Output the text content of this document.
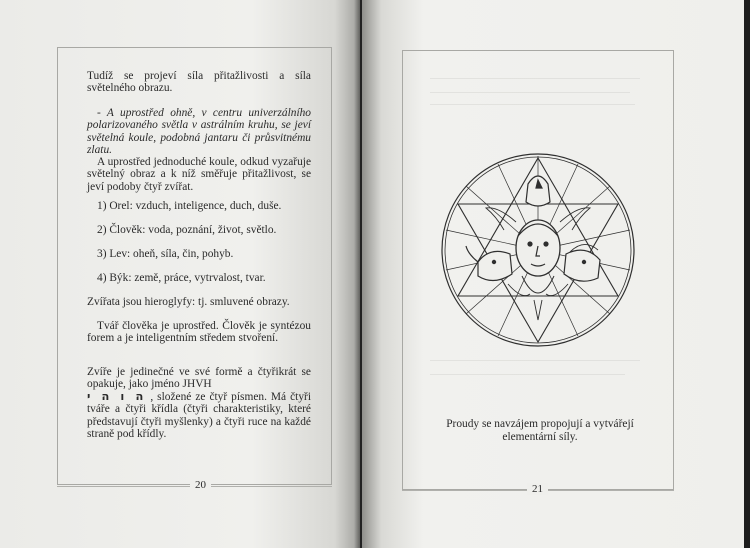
Tudíž se projeví síla přitažlivosti a síla světelného obrazu.

- A uprostřed ohně, v centru univerzálního polarizovaného světla v astrálním kruhu, se jeví světelná koule, podobná jantaru či průsvitnému zlatu.

A uprostřed jednoduché koule, odkud vyzařuje světelný obraz a k níž směřuje přitažlivost, se jeví podoby čtyř zvířat.

1) Orel: vzduch, inteligence, duch, duše.

2) Člověk: voda, poznání, život, světlo.

3) Lev: oheň, síla, čin, pohyb.

4) Býk: země, práce, vytrvalost, tvar.

Zvířata jsou hieroglyfy: tj. smluvené obrazy.

Tvář člověka je uprostřed. Člověk je syntézou forem a je inteligentním středem stvoření.

Zvíře je jedinečné ve své formě a čtyřikrát se opakuje, jako jméno JHVH

ה ו ה י , složené ze čtyř písmen. Má čtyři tváře a čtyři křídla (čtyři charakteristiky, které představují čtyři myšlenky) a čtyři ruce na každé straně pod křídly.

20
Proudy se navzájem propojují a vytvářejí elementární síly.
21
